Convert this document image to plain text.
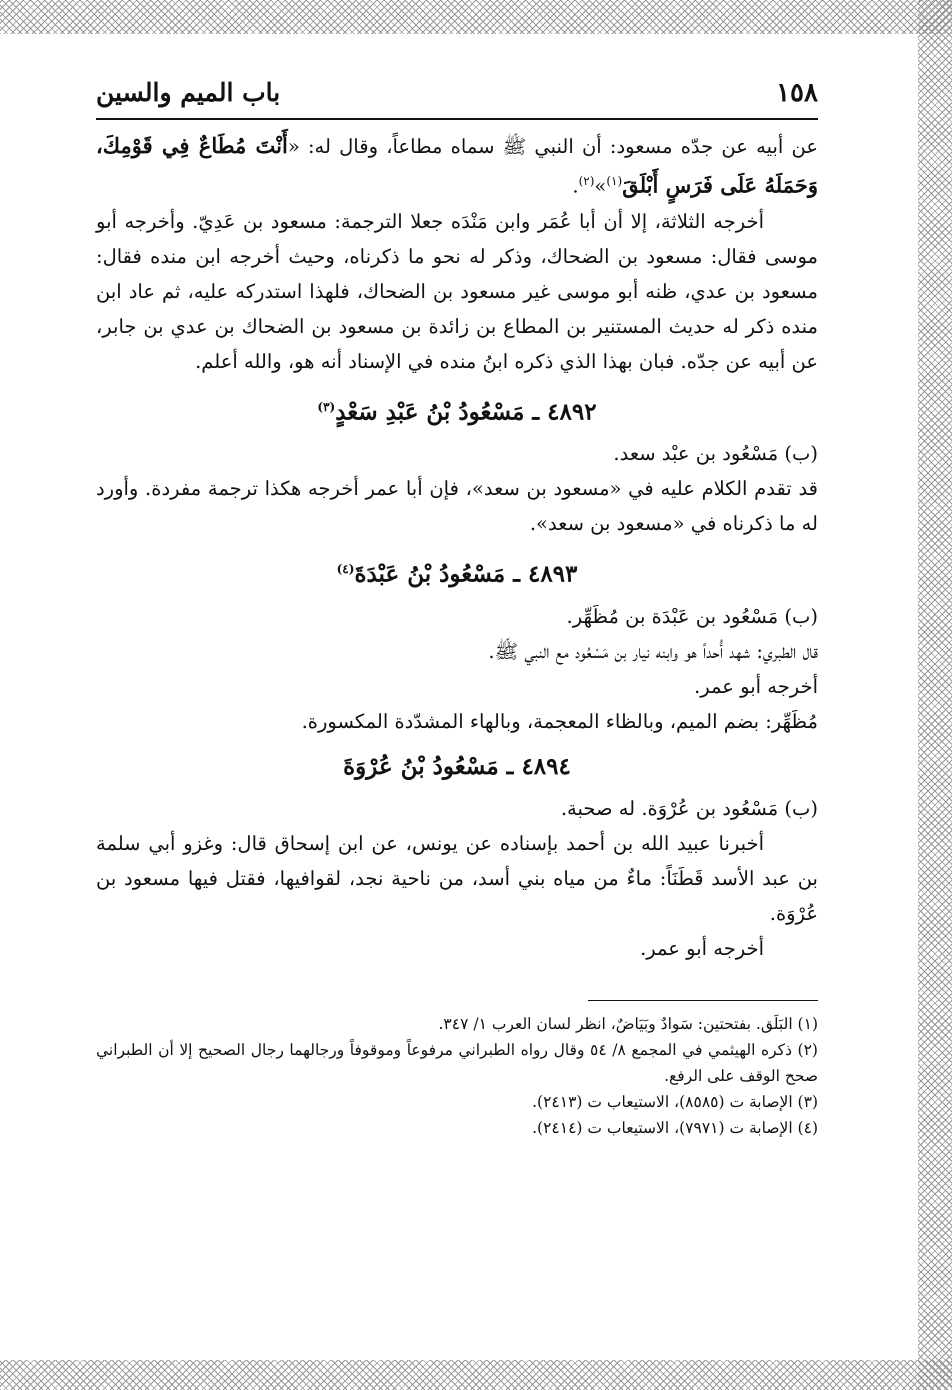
١٥٨
باب الميم والسين

عن أبيه عن جدّه مسعود: أن النبي ﷺ سماه مطاعاً، وقال له: «أَنْتَ مُطَاعٌ فِي قَوْمِكَ، وَحَمَلَهُ عَلَى فَرَسٍ أَبْلَقَ$^{(١)}$»$^{(٢)}$.

أخرجه الثلاثة، إلا أن أبا عُمَر وابن مَنْدَه جعلا الترجمة: مسعود بن عَدِيّ. وأخرجه أبو موسى فقال: مسعود بن الضحاك، وذكر له نحو ما ذكرناه، وحيث أخرجه ابن منده فقال: مسعود بن عدي، ظنه أبو موسى غير مسعود بن الضحاك، فلهذا استدركه عليه، ثم عاد ابن منده ذكر له حديث المستنير بن المطاع بن زائدة بن مسعود بن الضحاك بن عدي بن جابر، عن أبيه عن جدّه. فبان بهذا الذي ذكره ابنُ منده في الإسناد أنه هو، والله أعلم.

٤٨٩٢ ـ مَسْعُودُ بْنُ عَبْدِ سَعْدٍ$^{(٣)}$

(ب) مَسْعُود بن عبْد سعد.

قد تقدم الكلام عليه في «مسعود بن سعد»، فإن أبا عمر أخرجه هكذا ترجمة مفردة. وأورد له ما ذكرناه في «مسعود بن سعد».

٤٨٩٣ ـ مَسْعُودُ بْنُ عَبْدَةَ$^{(٤)}$

(ب) مَسْعُود بن عَبْدَة بن مُظَهِّر.

قال الطبري: شهد أُحداً هو وابنه نيار بن مَسْعُود مع النبي ﷺ.

أخرجه أبو عمر.

مُظَهِّر: بضم الميم، وبالظاء المعجمة، وبالهاء المشدّدة المكسورة.

٤٨٩٤ ـ مَسْعُودُ بْنُ عُرْوَةَ

(ب) مَسْعُود بن عُرْوَة. له صحبة.

أخبرنا عبيد الله بن أحمد بإسناده عن يونس، عن ابن إسحاق قال: وغزو أبي سلمة بن عبد الأسد قَطَنَاً: ماءٌ من مياه بني أسد، من ناحية نجد، لقوافيها، فقتل فيها مسعود بن عُرْوَة.

أخرجه أبو عمر.

(١) البَلَق. بفتحتين: سَوادٌ وبَيَاضٌ، انظر لسان العرب ١/ ٣٤٧.

(٢) ذكره الهيثمي في المجمع ٨/ ٥٤ وقال رواه الطبراني مرفوعاً وموقوفاً ورجالهما رجال الصحيح إلا أن الطبراني صحح الوقف على الرفع.

(٣) الإصابة ت (٨٥٨٥)، الاستيعاب ت (٢٤١٣).

(٤) الإصابة ت (٧٩٧١)، الاستيعاب ت (٢٤١٤).
